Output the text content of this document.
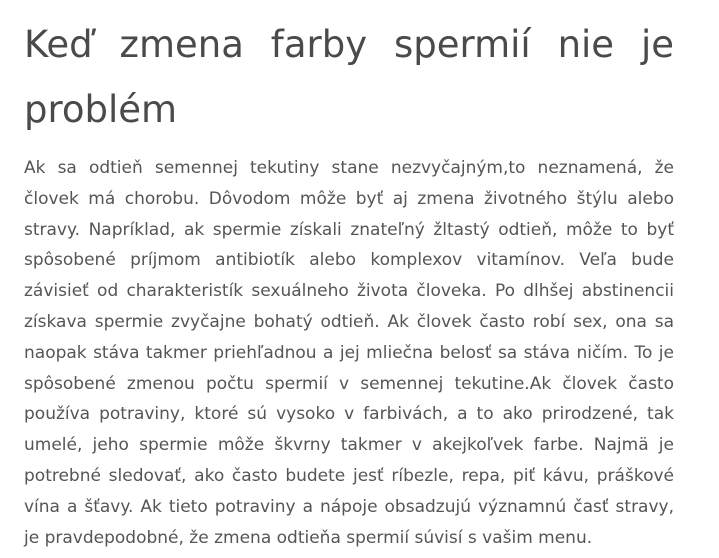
Keď zmena farby spermií nie je problém

Ak sa odtieň semennej tekutiny stane nezvyčajným,to neznamená, že človek má chorobu. Dôvodom môže byť aj zmena životného štýlu alebo stravy. Napríklad, ak spermie získali znateľný žltastý odtieň, môže to byť spôsobené príjmom antibiotík alebo komplexov vitamínov. Veľa bude závisieť od charakteristík sexuálneho života človeka. Po dlhšej abstinencii získava spermie zvyčajne bohatý odtieň. Ak človek často robí sex, ona sa naopak stáva takmer priehľadnou a jej mliečna belosť sa stáva ničím. To je spôsobené zmenou počtu spermií v semennej tekutine.Ak človek často používa potraviny, ktoré sú vysoko v farbivách, a to ako prirodzené, tak umelé, jeho spermie môže škvrny takmer v akejkoľvek farbe. Najmä je potrebné sledovať, ako často budete jesť ríbezle, repa, piť kávu, práškové vína a šťavy. Ak tieto potraviny a nápoje obsadzujú významnú časť stravy, je pravdepodobné, že zmena odtieňa spermií súvisí s vašim menu.
